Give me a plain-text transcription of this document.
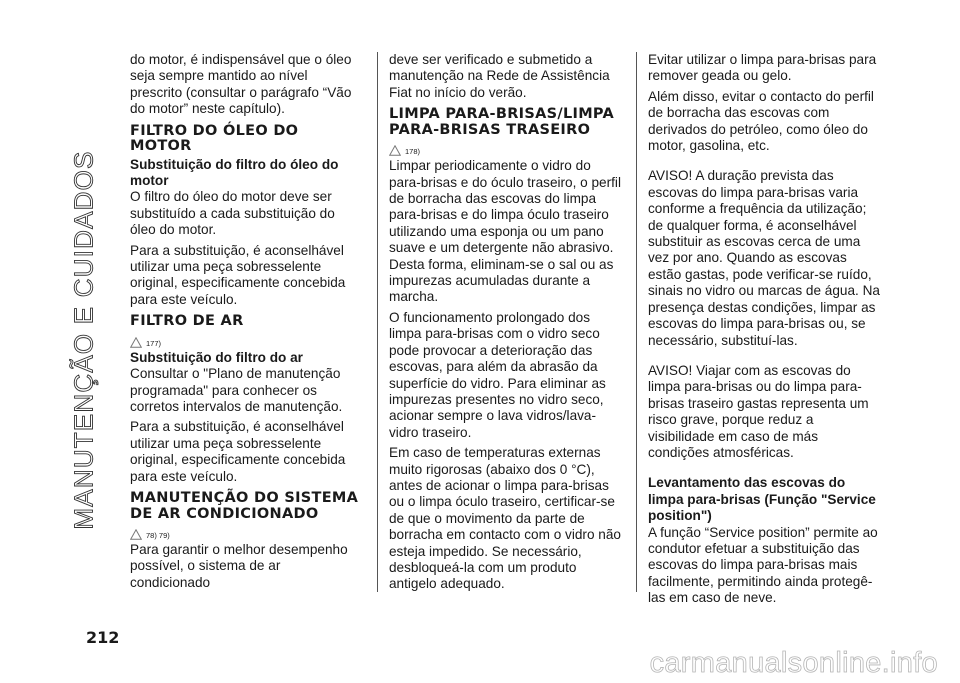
MANUTENÇÃO E CUIDADOS

do motor, é indispensável que o óleo seja sempre mantido ao nível prescrito (consultar o parágrafo “Vão do motor” neste capítulo).

FILTRO DO ÓLEO DO MOTOR
Substituição do filtro do óleo do motor

O filtro do óleo do motor deve ser substituído a cada substituição do óleo do motor.

Para a substituição, é aconselhável utilizar uma peça sobresselente original, especificamente concebida para este veículo.

FILTRO DE AR
177)
Substituição do filtro do ar

Consultar o "Plano de manutenção programada" para conhecer os corretos intervalos de manutenção.

Para a substituição, é aconselhável utilizar uma peça sobresselente original, especificamente concebida para este veículo.

MANUTENÇÃO DO SISTEMA DE AR CONDICIONADO
78) 79)

Para garantir o melhor desempenho possível, o sistema de ar condicionado

deve ser verificado e submetido a manutenção na Rede de Assistência Fiat no início do verão.

LIMPA PARA-BRISAS/LIMPA PARA-BRISAS TRASEIRO
178)

Limpar periodicamente o vidro do para-brisas e do óculo traseiro, o perfil de borracha das escovas do limpa para-brisas e do limpa óculo traseiro utilizando uma esponja ou um pano suave e um detergente não abrasivo. Desta forma, eliminam-se o sal ou as impurezas acumuladas durante a marcha.

O funcionamento prolongado dos limpa para-brisas com o vidro seco pode provocar a deterioração das escovas, para além da abrasão da superfície do vidro. Para eliminar as impurezas presentes no vidro seco, acionar sempre o lava vidros/lava-vidro traseiro.

Em caso de temperaturas externas muito rigorosas (abaixo dos 0 °C), antes de acionar o limpa para-brisas ou o limpa óculo traseiro, certificar-se de que o movimento da parte de borracha em contacto com o vidro não esteja impedido. Se necessário, desbloqueá-la com um produto antigelo adequado.

Evitar utilizar o limpa para-brisas para remover geada ou gelo.

Além disso, evitar o contacto do perfil de borracha das escovas com derivados do petróleo, como óleo do motor, gasolina, etc.

AVISO! A duração prevista das escovas do limpa para-brisas varia conforme a frequência da utilização; de qualquer forma, é aconselhável substituir as escovas cerca de uma vez por ano. Quando as escovas estão gastas, pode verificar-se ruído, sinais no vidro ou marcas de água. Na presença destas condições, limpar as escovas do limpa para-brisas ou, se necessário, substituí-las.

AVISO! Viajar com as escovas do limpa para-brisas ou do limpa para-brisas traseiro gastas representa um risco grave, porque reduz a visibilidade em caso de más condições atmosféricas.

Levantamento das escovas do limpa para-brisas (Função "Service position")

A função “Service position” permite ao condutor efetuar a substituição das escovas do limpa para-brisas mais facilmente, permitindo ainda protegê-las em caso de neve.

212
carmanualsonline.info
